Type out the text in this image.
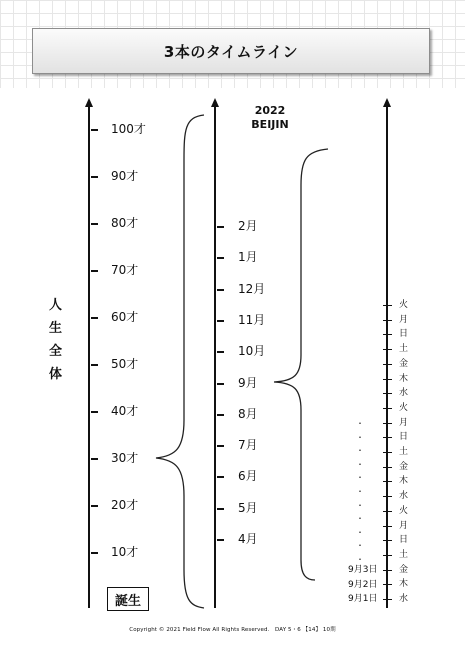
3本のタイムライン
人
生
全
体
誕生
2022
BEIJIN
100才
90才
80才
70才
60才
50才
40才
30才
20才
10才
2月
1月
12月
11月
10月
9月
8月
7月
6月
5月
4月
火
月
日
土
金
木
水
火
月
日
土
金
木
水
火
月
日
土
金
木
水
9月3日
9月2日
9月1日
・
・
・
・
・
・
・
・
・
・
・
Copyright © 2021 Field Flow All Rights Reserved.　DAY 5・6 【14】 10期
